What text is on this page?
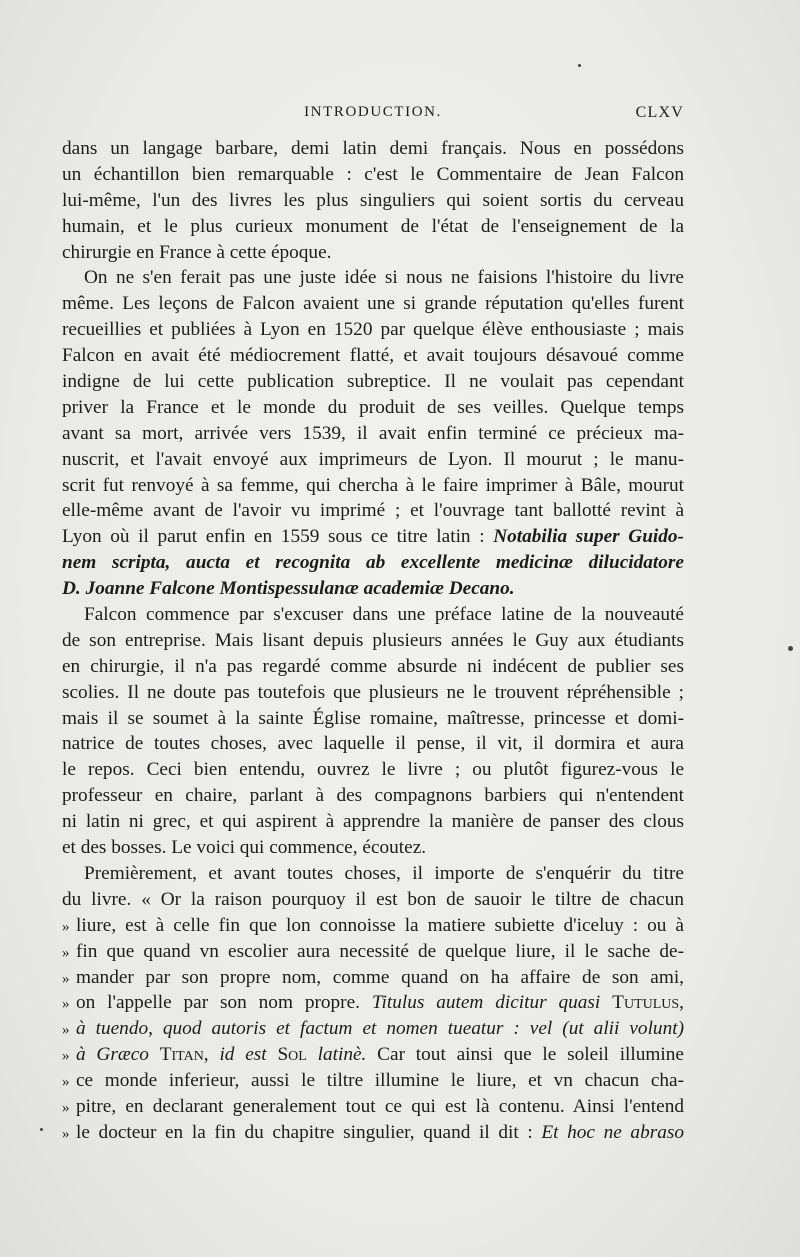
INTRODUCTION.	CLXV
dans un langage barbare, demi latin demi français. Nous en possédons
un échantillon bien remarquable : c'est le Commentaire de Jean Falcon
lui-même, l'un des livres les plus singuliers qui soient sortis du cerveau
humain, et le plus curieux monument de l'état de l'enseignement de la
chirurgie en France à cette époque.
On ne s'en ferait pas une juste idée si nous ne faisions l'histoire du livre
même. Les leçons de Falcon avaient une si grande réputation qu'elles furent
recueillies et publiées à Lyon en 1520 par quelque élève enthousiaste ; mais
Falcon en avait été médiocrement flatté, et avait toujours désavoué comme
indigne de lui cette publication subreptice. Il ne voulait pas cependant
priver la France et le monde du produit de ses veilles. Quelque temps
avant sa mort, arrivée vers 1539, il avait enfin terminé ce précieux ma-
nuscrit, et l'avait envoyé aux imprimeurs de Lyon. Il mourut ; le manu-
scrit fut renvoyé à sa femme, qui chercha à le faire imprimer à Bâle, mourut
elle-même avant de l'avoir vu imprimé ; et l'ouvrage tant ballotté revint à
Lyon où il parut enfin en 1559 sous ce titre latin : Notabilia super Guido-
nem scripta, aucta et recognita ab excellente medicinæ dilucidatore
D. Joanne Falcone Montispessulanæ academiæ Decano.
Falcon commence par s'excuser dans une préface latine de la nouveauté
de son entreprise. Mais lisant depuis plusieurs années le Guy aux étudiants
en chirurgie, il n'a pas regardé comme absurde ni indécent de publier ses
scolies. Il ne doute pas toutefois que plusieurs ne le trouvent répréhensible ;
mais il se soumet à la sainte Église romaine, maîtresse, princesse et domi-
natrice de toutes choses, avec laquelle il pense, il vit, il dormira et aura
le repos. Ceci bien entendu, ouvrez le livre ; ou plutôt figurez-vous le
professeur en chaire, parlant à des compagnons barbiers qui n'entendent
ni latin ni grec, et qui aspirent à apprendre la manière de panser des clous
et des bosses. Le voici qui commence, écoutez.
Premièrement, et avant toutes choses, il importe de s'enquérir du titre
du livre. « Or la raison pourquoy il est bon de sauoir le tiltre de chacun
» liure, est à celle fin que lon connoisse la matiere subiette d'iceluy : ou à
» fin que quand vn escolier aura necessité de quelque liure, il le sache de-
» mander par son propre nom, comme quand on ha affaire de son ami,
» on l'appelle par son nom propre. Titulus autem dicitur quasi Tutulus,
» à tuendo, quod autoris et factum et nomen tueatur : vel (ut alii volunt)
» à Græco Titan, id est Sol latinè. Car tout ainsi que le soleil illumine
» ce monde inferieur, aussi le tiltre illumine le liure, et vn chacun cha-
» pitre, en declarant generalement tout ce qui est là contenu. Ainsi l'entend
» le docteur en la fin du chapitre singulier, quand il dit : Et hoc ne abraso
